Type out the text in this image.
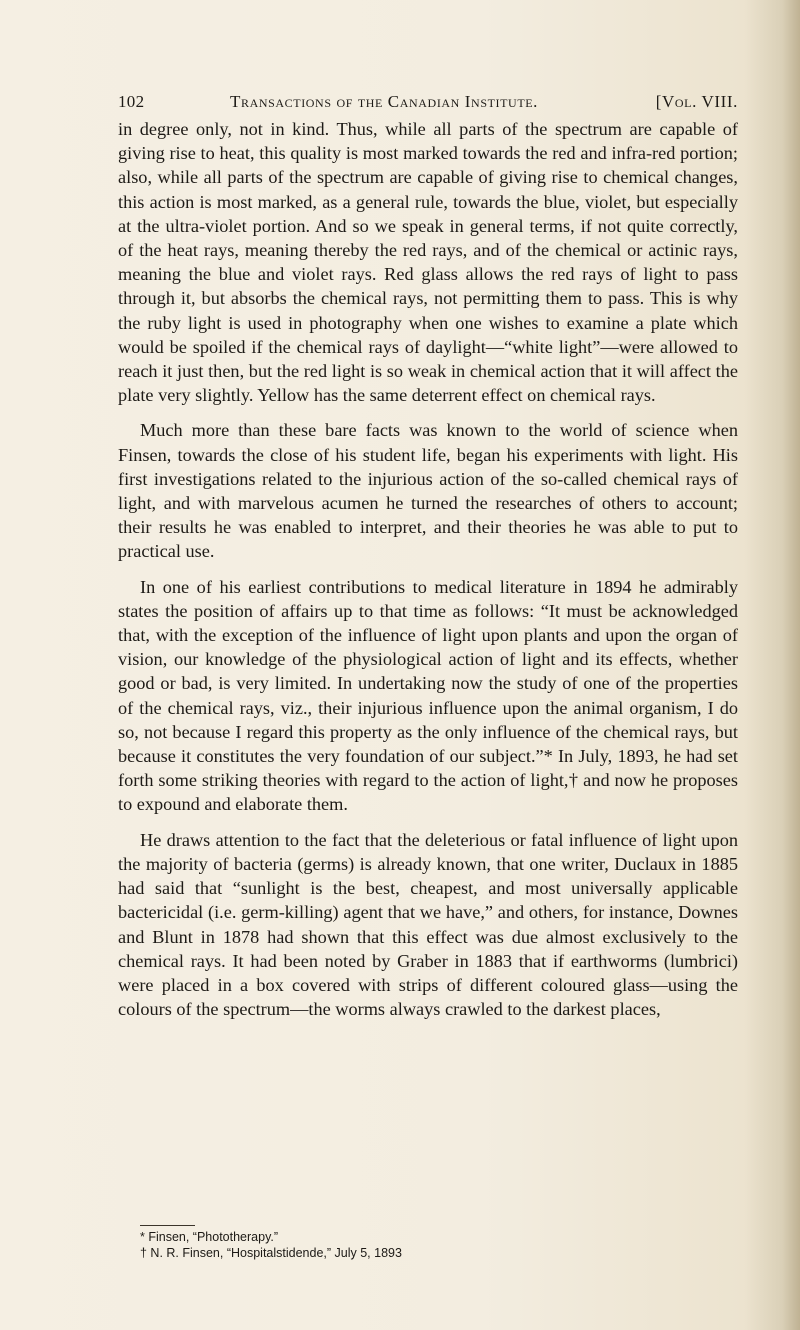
102	Transactions of the Canadian Institute.	[Vol. VIII.

in degree only, not in kind. Thus, while all parts of the spectrum are capable of giving rise to heat, this quality is most marked towards the red and infra-red portion; also, while all parts of the spectrum are capable of giving rise to chemical changes, this action is most marked, as a general rule, towards the blue, violet, but especially at the ultra-violet portion. And so we speak in general terms, if not quite correctly, of the heat rays, meaning thereby the red rays, and of the chemical or actinic rays, meaning the blue and violet rays. Red glass allows the red rays of light to pass through it, but absorbs the chemical rays, not permitting them to pass. This is why the ruby light is used in photography when one wishes to examine a plate which would be spoiled if the chemical rays of daylight—“white light”—were allowed to reach it just then, but the red light is so weak in chemical action that it will affect the plate very slightly. Yellow has the same deterrent effect on chemical rays.

Much more than these bare facts was known to the world of science when Finsen, towards the close of his student life, began his experiments with light. His first investigations related to the injurious action of the so-called chemical rays of light, and with marvelous acumen he turned the researches of others to account; their results he was enabled to interpret, and their theories he was able to put to practical use.

In one of his earliest contributions to medical literature in 1894 he admirably states the position of affairs up to that time as follows: “It must be acknowledged that, with the exception of the influence of light upon plants and upon the organ of vision, our knowledge of the physiological action of light and its effects, whether good or bad, is very limited. In undertaking now the study of one of the properties of the chemical rays, viz., their injurious influence upon the animal organism, I do so, not because I regard this property as the only influence of the chemical rays, but because it constitutes the very foundation of our subject.”* In July, 1893, he had set forth some striking theories with regard to the action of light,† and now he proposes to expound and elaborate them.

He draws attention to the fact that the deleterious or fatal influence of light upon the majority of bacteria (germs) is already known, that one writer, Duclaux in 1885 had said that “sunlight is the best, cheapest, and most universally applicable bactericidal (i.e. germ-killing) agent that we have,” and others, for instance, Downes and Blunt in 1878 had shown that this effect was due almost exclusively to the chemical rays. It had been noted by Graber in 1883 that if earthworms (lumbrici) were placed in a box covered with strips of different coloured glass—using the colours of the spectrum—the worms always crawled to the darkest places,

* Finsen, “Phototherapy.”
† N. R. Finsen, “Hospitalstidende,” July 5, 1893
